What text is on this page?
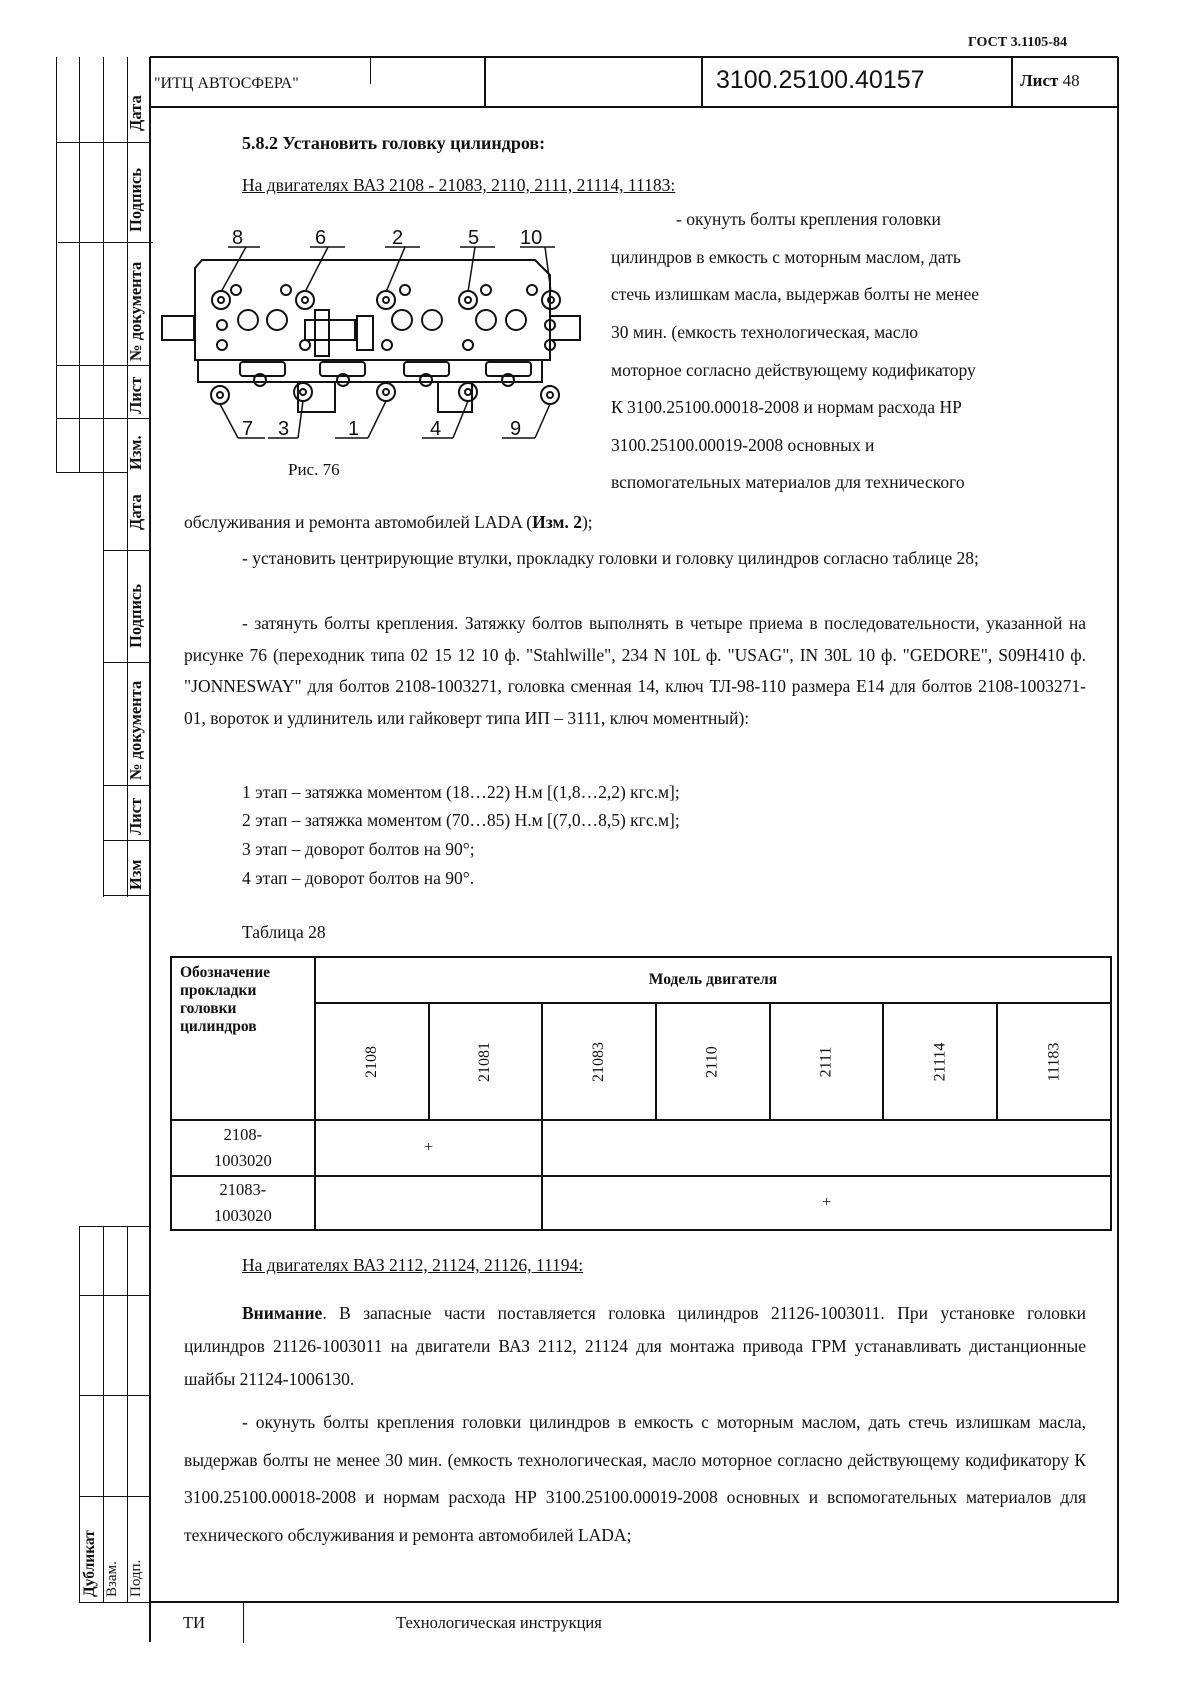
ГОСТ 3.1105-84
"ИТЦ АВТОСФЕРА"	3100.25100.40157	Лист 48
Дата
Подпись
№ документа
Лист
Изм.
Дата
Подпись
№ документа
Лист
Изм
Дубликат Взам. Подп.
5.8.2 Установить головку цилиндров:
На двигателях ВАЗ 2108 - 21083, 2110, 2111, 21114, 11183:
8	6	2	5 10
7 3	1	4	9
Рис. 76
- окунуть болты крепления головки
цилиндров в емкость с моторным маслом, дать
стечь излишкам масла, выдержав болты не менее
30 мин. (емкость технологическая, масло
моторное согласно действующему кодификатору
К 3100.25100.00018-2008 и нормам расхода НР
3100.25100.00019-2008 основных и
вспомогательных материалов для технического
обслуживания и ремонта автомобилей LADA (Изм. 2);
- установить центрирующие втулки, прокладку головки и головку цилиндров согласно таблице 28;
- затянуть болты крепления. Затяжку болтов выполнять в четыре приема в последовательности, указанной на рисунке 76 (переходник типа 02 15 12 10 ф. "Stahlwille", 234 N 10L ф. "USAG", IN 30L 10 ф. "GEDORE", S09H410 ф. "JONNESWAY" для болтов 2108-1003271, головка сменная 14, ключ ТЛ-98-110 размера E14 для болтов 2108-1003271-01, вороток и удлинитель или гайковерт типа ИП – 3111, ключ моментный):
1 этап – затяжка моментом (18…22) Н.м [(1,8…2,2) кгс.м];
2 этап – затяжка моментом (70…85) Н.м [(7,0…8,5) кгс.м];
3 этап – доворот болтов на 90°;
4 этап – доворот болтов на 90°.
Таблица 28
Обозначение прокладки головки цилиндров	Модель двигателя						
	2108	21081	21083	2110	2111	21114	11183
2108-
1003020	+						
21083-
1003020			+				
На двигателях ВАЗ 2112, 21124, 21126, 11194:
Внимание. В запасные части поставляется головка цилиндров 21126-1003011. При установке головки цилиндров 21126-1003011 на двигатели ВАЗ 2112, 21124 для монтажа привода ГРМ устанавливать дистанционные шайбы 21124-1006130.
- окунуть болты крепления головки цилиндров в емкость с моторным маслом, дать стечь излишкам масла, выдержав болты не менее 30 мин. (емкость технологическая, масло моторное согласно действующему кодификатору К 3100.25100.00018-2008 и нормам расхода НР 3100.25100.00019-2008 основных и вспомогательных материалов для технического обслуживания и ремонта автомобилей LADA;
ТИ	Технологическая инструкция
